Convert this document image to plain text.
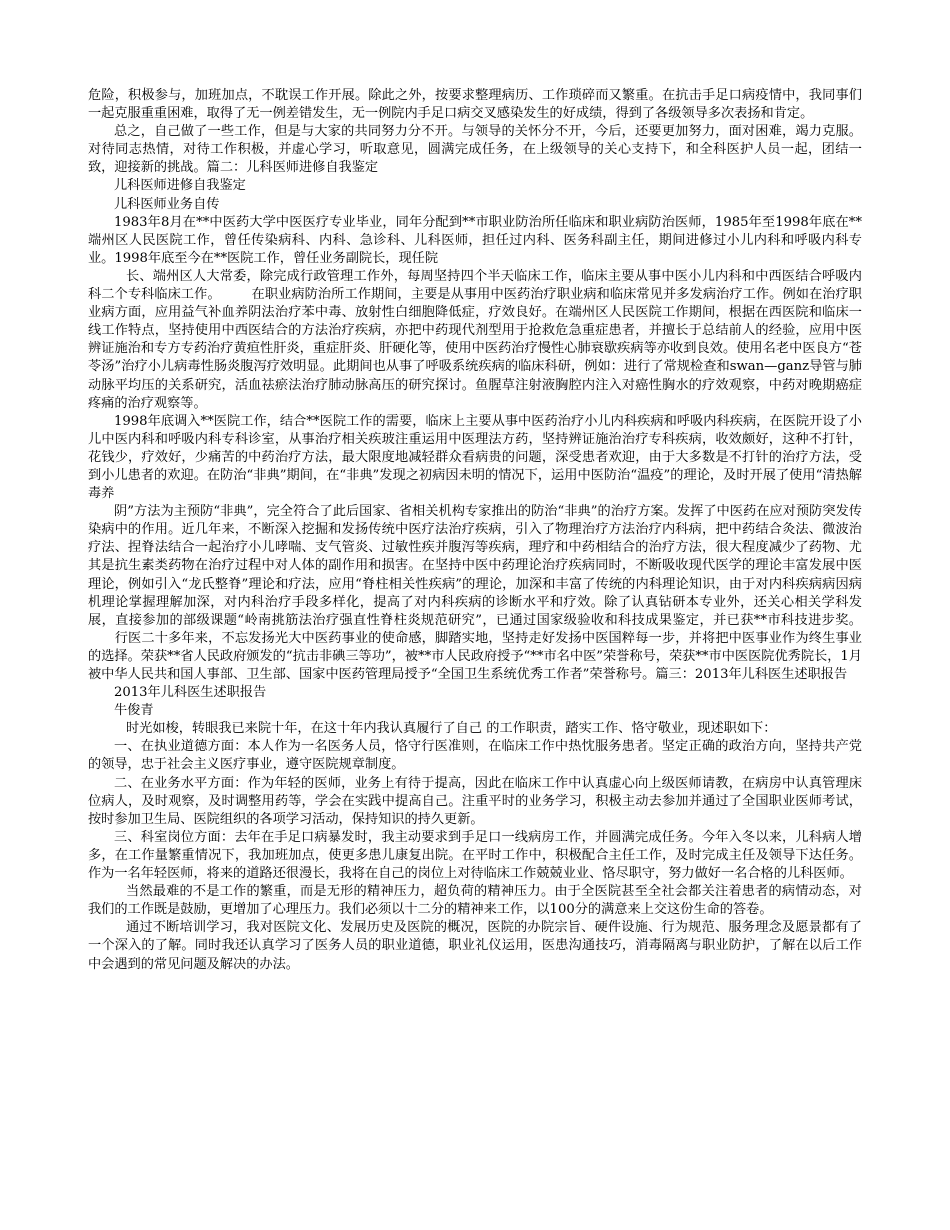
危险，积极参与，加班加点，不耽误工作开展。除此之外，按要求整理病历、工作琐碎而又繁重。在抗击手足口病疫情中，我同事们一起克服重重困难，取得了无一例差错发生，无一例院内手足口病交叉感染发生的好成绩，得到了各级领导多次表扬和肯定。

总之，自己做了一些工作，但是与大家的共同努力分不开。与领导的关怀分不开，今后，还要更加努力，面对困难，竭力克服。对待同志热情，对待工作积极，并虚心学习，听取意见，圆满完成任务，在上级领导的关心支持下，和全科医护人员一起，团结一致，迎接新的挑战。篇二：儿科医师进修自我鉴定

儿科医师进修自我鉴定

儿科医师业务自传

1983年8月在**中医药大学中医医疗专业毕业，同年分配到**市职业防治所任临床和职业病防治医师，1985年至1998年底在**端州区人民医院工作，曾任传染病科、内科、急诊科、儿科医师，担任过内科、医务科副主任，期间进修过小儿内科和呼吸内科专业。1998年底至今在**医院工作，曾任业务副院长，现任院

长、端州区人大常委，除完成行政管理工作外，每周坚持四个半天临床工作，临床主要从事中医小儿内科和中西医结合呼吸内科二个专科临床工作。 　　在职业病防治所工作期间，主要是从事用中医药治疗职业病和临床常见并多发病治疗工作。例如在治疗职业病方面，应用益气补血养阴法治疗苯中毒、放射性白细胞降低症，疗效良好。在端州区人民医院工作期间，根据在西医院和临床一线工作特点，坚持使用中西医结合的方法治疗疾病，亦把中药现代剂型用于抢救危急重症患者，并擅长于总结前人的经验，应用中医辨证施治和专方专药治疗黄疸性肝炎，重症肝炎、肝硬化等，使用中医药治疗慢性心肺衰歇疾病等亦收到良效。使用名老中医良方“苍苓汤”治疗小儿病毒性肠炎腹泻疗效明显。此期间也从事了呼吸系统疾病的临床科研，例如：进行了常规检查和swan—ganz导管与肺动脉平均压的关系研究，活血祛瘀法治疗肺动脉高压的研究探讨。鱼腥草注射液胸腔内注入对癌性胸水的疗效观察，中药对晚期癌症疼痛的治疗观察等。

1998年底调入**医院工作，结合**医院工作的需要，临床上主要从事中医药治疗小儿内科疾病和呼吸内科疾病，在医院开设了小儿中医内科和呼吸内科专科诊室，从事治疗相关疾玻注重运用中医理法方药，坚持辨证施治治疗专科疾病，收效颇好，这种不打针，花钱少，疗效好，少痛苦的中药治疗方法，最大限度地减轻群众看病贵的问题，深受患者欢迎，由于大多数是不打针的治疗方法，受到小儿患者的欢迎。在防治“非典”期间，在“非典”发现之初病因未明的情况下，运用中医防治“温疫”的理论，及时开展了使用“清热解毒养

阴”方法为主预防“非典”，完全符合了此后国家、省相关机构专家推出的防治“非典”的治疗方案。发挥了中医药在应对预防突发传染病中的作用。近几年来，不断深入挖掘和发扬传统中医疗法治疗疾病，引入了物理治疗方法治疗内科病，把中药结合灸法、微波治疗法、捏脊法结合一起治疗小儿哮喘、支气管炎、过敏性疾并腹泻等疾病，理疗和中药相结合的治疗方法，很大程度减少了药物、尤其是抗生素类药物在治疗过程中对人体的副作用和损害。在坚持中医中药理论治疗疾病同时，不断吸收现代医学的理论丰富发展中医理论，例如引入“龙氏整脊”理论和疗法，应用“脊柱相关性疾病”的理论，加深和丰富了传统的内科理论知识，由于对内科疾病病因病机理论掌握理解加深，对内科治疗手段多样化，提高了对内科疾病的诊断水平和疗效。除了认真钻研本专业外，还关心相关学科发展，直接参加的部级课题“岭南挑筋法治疗强直性脊柱炎规范研究”，已通过国家级验收和科技成果鉴定，并已获**市科技进步奖。 　　行医二十多年来，不忘发扬光大中医药事业的使命感，脚踏实地，坚持走好发扬中医国粹每一步，并将把中医事业作为终生事业的选择。荣获**省人民政府颁发的“抗击非碘三等功”，被**市人民政府授予“**市名中医”荣誉称号，荣获**市中医医院优秀院长，1月被中华人民共和国人事部、卫生部、国家中医药管理局授予“全国卫生系统优秀工作者”荣誉称号。篇三：2013年儿科医生述职报告

2013年儿科医生述职报告

牛俊青

时光如梭，转眼我已来院十年，在这十年内我认真履行了自己 的工作职责，踏实工作、恪守敬业，现述职如下：

一、在执业道德方面：本人作为一名医务人员，恪守行医准则，在临床工作中热忱服务患者。坚定正确的政治方向，坚持共产党的领导，忠于社会主义医疗事业，遵守医院规章制度。

二、在业务水平方面：作为年轻的医师，业务上有待于提高，因此在临床工作中认真虚心向上级医师请教，在病房中认真管理床位病人，及时观察，及时调整用药等，学会在实践中提高自己。注重平时的业务学习，积极主动去参加并通过了全国职业医师考试，按时参加卫生局、医院组织的各项学习活动，保持知识的持久更新。

三、科室岗位方面：去年在手足口病暴发时，我主动要求到手足口一线病房工作，并圆满完成任务。今年入冬以来，儿科病人增多，在工作量繁重情况下，我加班加点，使更多患儿康复出院。在平时工作中，积极配合主任工作，及时完成主任及领导下达任务。作为一名年轻医师，将来的道路还很漫长，我将在自己的岗位上对待临床工作兢兢业业、恪尽职守，努力做好一名合格的儿科医师。

当然最难的不是工作的繁重，而是无形的精神压力，超负荷的精神压力。由于全医院甚至全社会都关注着患者的病情动态，对我们的工作既是鼓励，更增加了心理压力。我们必须以十二分的精神来工作，以100分的满意来上交这份生命的答卷。

通过不断培训学习，我对医院文化、发展历史及医院的概况，医院的办院宗旨、硬件设施、行为规范、服务理念及愿景都有了一个深入的了解。同时我还认真学习了医务人员的职业道德，职业礼仪运用，医患沟通技巧，消毒隔离与职业防护，了解在以后工作中会遇到的常见问题及解决的办法。
